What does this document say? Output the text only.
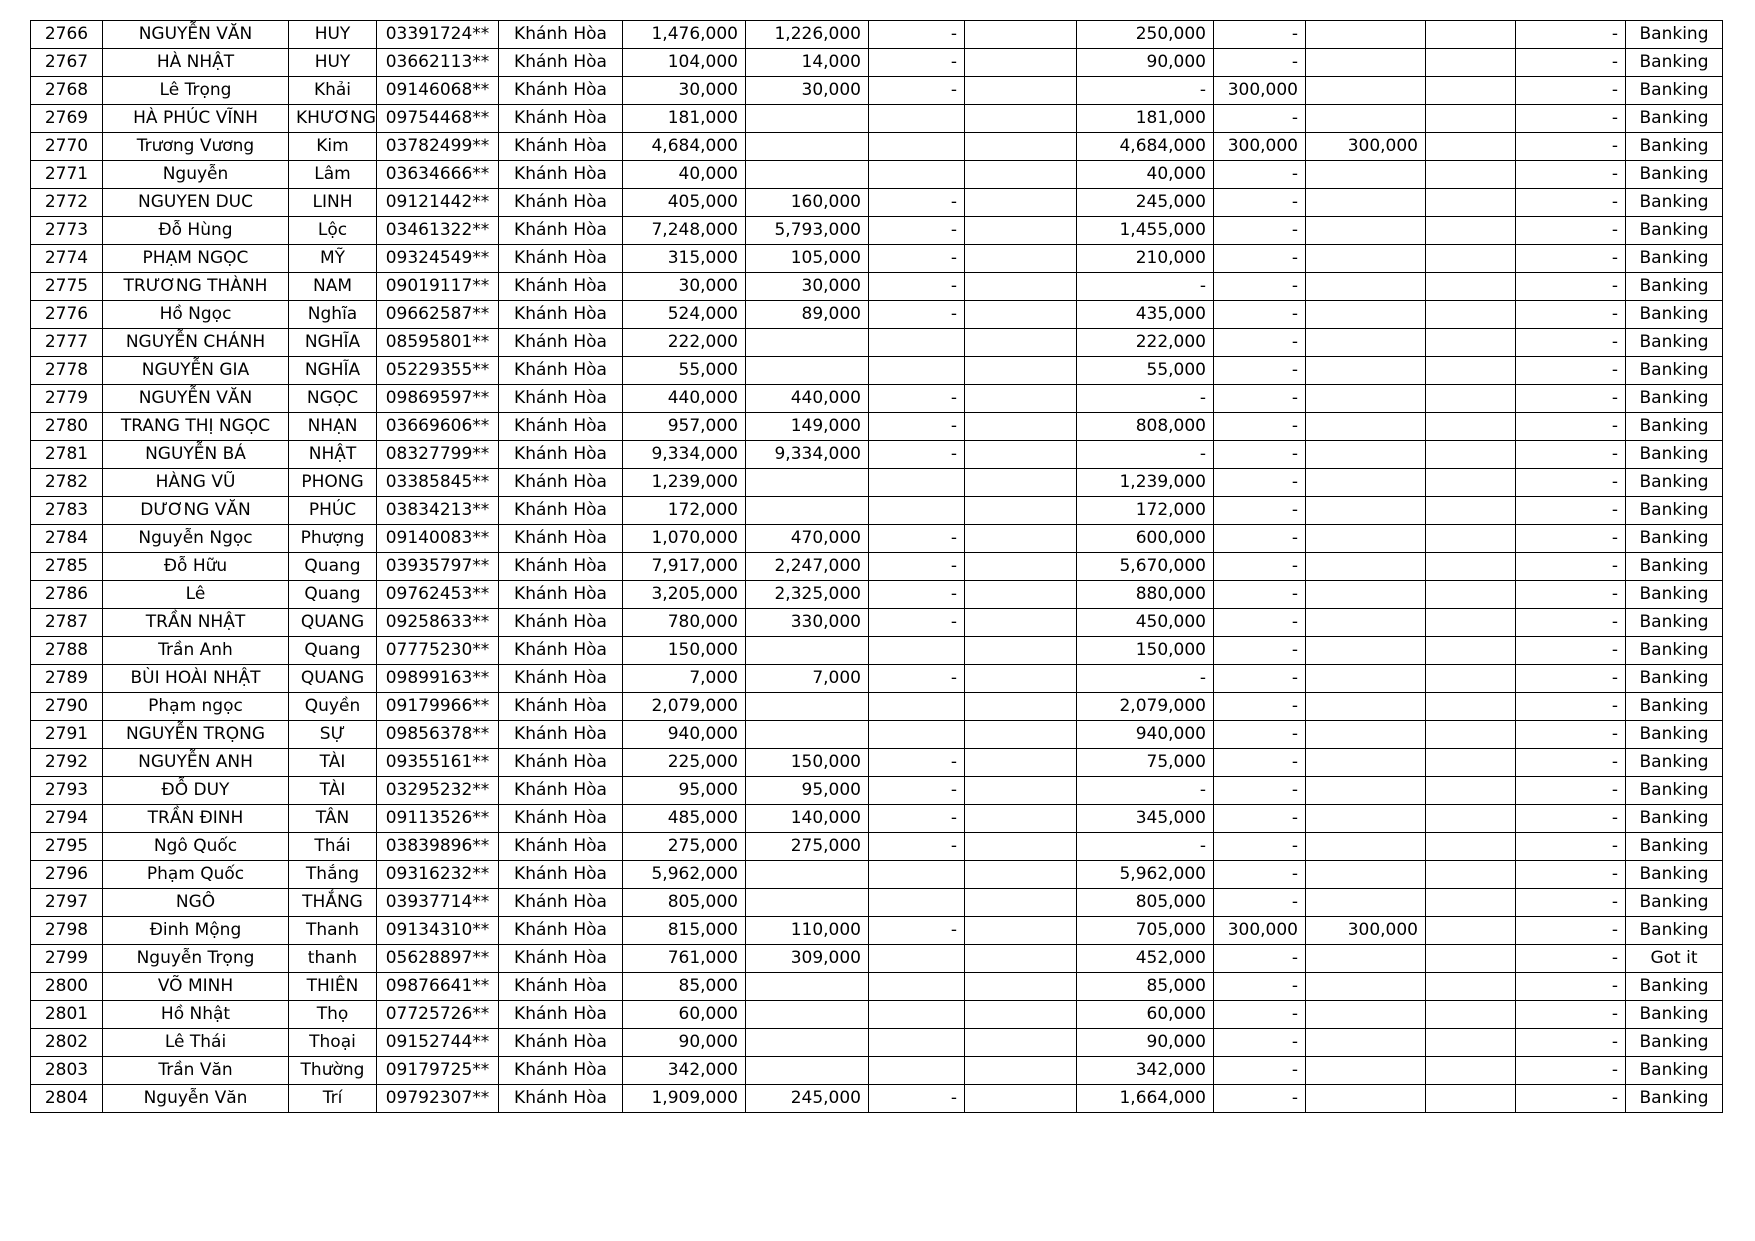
2766	NGUYỄN VĂN	HUY	03391724**	Khánh Hòa	1,476,000	1,226,000	-		250,000	-			-	Banking
2767	HÀ NHẬT	HUY	03662113**	Khánh Hòa	104,000	14,000	-		90,000	-			-	Banking
2768	Lê Trọng	Khải	09146068**	Khánh Hòa	30,000	30,000	-		-	300,000			-	Banking
2769	HÀ PHÚC VĨNH	KHƯƠNG	09754468**	Khánh Hòa	181,000				181,000	-			-	Banking
2770	Trương Vương	Kim	03782499**	Khánh Hòa	4,684,000				4,684,000	300,000	300,000		-	Banking
2771	Nguyễn	Lâm	03634666**	Khánh Hòa	40,000				40,000	-			-	Banking
2772	NGUYEN DUC	LINH	09121442**	Khánh Hòa	405,000	160,000	-		245,000	-			-	Banking
2773	Đỗ Hùng	Lộc	03461322**	Khánh Hòa	7,248,000	5,793,000	-		1,455,000	-			-	Banking
2774	PHẠM NGỌC	MỸ	09324549**	Khánh Hòa	315,000	105,000	-		210,000	-			-	Banking
2775	TRƯƠNG THÀNH	NAM	09019117**	Khánh Hòa	30,000	30,000	-		-	-			-	Banking
2776	Hồ Ngọc	Nghĩa	09662587**	Khánh Hòa	524,000	89,000	-		435,000	-			-	Banking
2777	NGUYỄN CHÁNH	NGHĨA	08595801**	Khánh Hòa	222,000				222,000	-			-	Banking
2778	NGUYỄN GIA	NGHĨA	05229355**	Khánh Hòa	55,000				55,000	-			-	Banking
2779	NGUYỄN VĂN	NGỌC	09869597**	Khánh Hòa	440,000	440,000	-		-	-			-	Banking
2780	TRANG THỊ NGỌC	NHẠN	03669606**	Khánh Hòa	957,000	149,000	-		808,000	-			-	Banking
2781	NGUYỄN BÁ	NHẬT	08327799**	Khánh Hòa	9,334,000	9,334,000	-		-	-			-	Banking
2782	HÀNG VŨ	PHONG	03385845**	Khánh Hòa	1,239,000				1,239,000	-			-	Banking
2783	DƯƠNG VĂN	PHÚC	03834213**	Khánh Hòa	172,000				172,000	-			-	Banking
2784	Nguyễn Ngọc	Phượng	09140083**	Khánh Hòa	1,070,000	470,000	-		600,000	-			-	Banking
2785	Đỗ Hữu	Quang	03935797**	Khánh Hòa	7,917,000	2,247,000	-		5,670,000	-			-	Banking
2786	Lê	Quang	09762453**	Khánh Hòa	3,205,000	2,325,000	-		880,000	-			-	Banking
2787	TRẦN NHẬT	QUANG	09258633**	Khánh Hòa	780,000	330,000	-		450,000	-			-	Banking
2788	Trần Anh	Quang	07775230**	Khánh Hòa	150,000				150,000	-			-	Banking
2789	BÙI HOÀI NHẬT	QUANG	09899163**	Khánh Hòa	7,000	7,000	-		-	-			-	Banking
2790	Phạm ngọc	Quyền	09179966**	Khánh Hòa	2,079,000				2,079,000	-			-	Banking
2791	NGUYỄN TRỌNG	SỰ	09856378**	Khánh Hòa	940,000				940,000	-			-	Banking
2792	NGUYỄN ANH	TÀI	09355161**	Khánh Hòa	225,000	150,000	-		75,000	-			-	Banking
2793	ĐỖ DUY	TÀI	03295232**	Khánh Hòa	95,000	95,000	-		-	-			-	Banking
2794	TRẦN ĐINH	TÂN	09113526**	Khánh Hòa	485,000	140,000	-		345,000	-			-	Banking
2795	Ngô Quốc	Thái	03839896**	Khánh Hòa	275,000	275,000	-		-	-			-	Banking
2796	Phạm Quốc	Thắng	09316232**	Khánh Hòa	5,962,000				5,962,000	-			-	Banking
2797	NGÔ	THẮNG	03937714**	Khánh Hòa	805,000				805,000	-			-	Banking
2798	Đinh Mộng	Thanh	09134310**	Khánh Hòa	815,000	110,000	-		705,000	300,000	300,000		-	Banking
2799	Nguyễn Trọng	thanh	05628897**	Khánh Hòa	761,000	309,000			452,000	-			-	Got it
2800	VÕ MINH	THIÊN	09876641**	Khánh Hòa	85,000				85,000	-			-	Banking
2801	Hồ Nhật	Thọ	07725726**	Khánh Hòa	60,000				60,000	-			-	Banking
2802	Lê Thái	Thoại	09152744**	Khánh Hòa	90,000				90,000	-			-	Banking
2803	Trần Văn	Thường	09179725**	Khánh Hòa	342,000				342,000	-			-	Banking
2804	Nguyễn Văn	Trí	09792307**	Khánh Hòa	1,909,000	245,000	-		1,664,000	-			-	Banking
